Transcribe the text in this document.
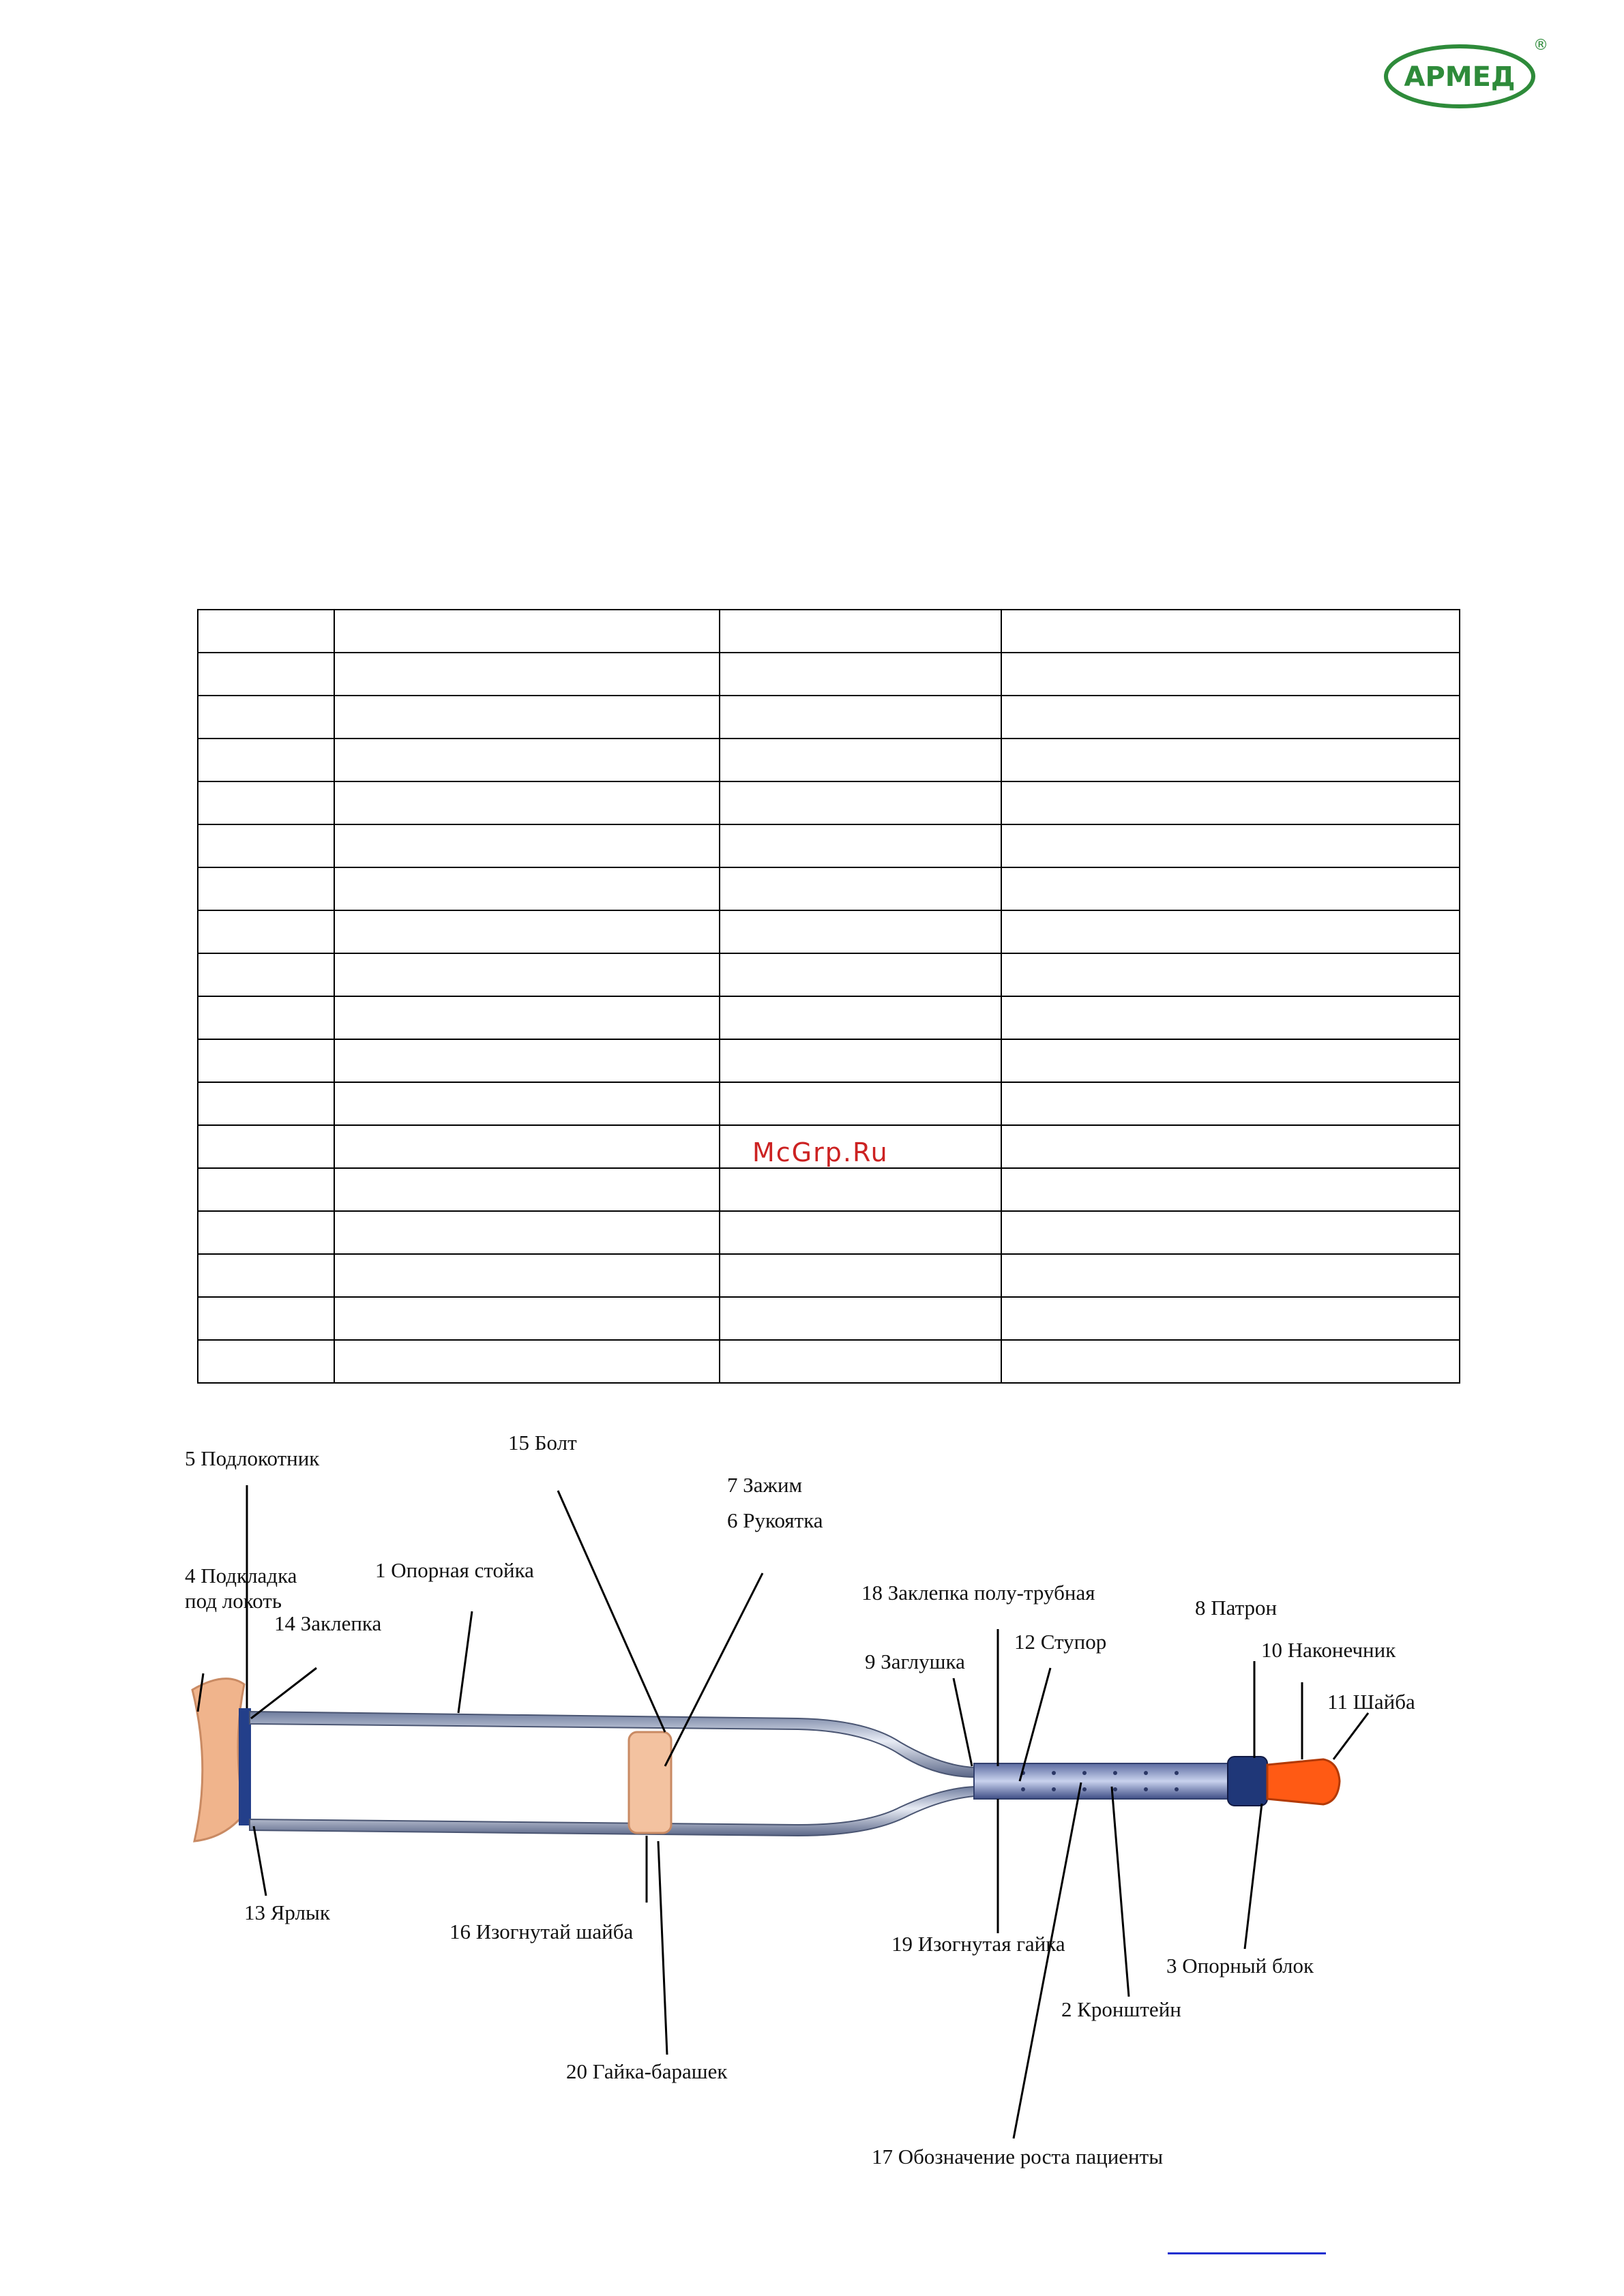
АРМЕД
®

McGrp.Ru
5 Подлокотник
15 Болт
7 Зажим
6 Рукоятка
4 Подкладка
под локоть
1 Опорная стойка
14 Заклепка
18 Заклепка полу-трубная
8 Патрон
9 Заглушка
12 Ступор	10 Наконечник
11 Шайба
13 Ярлык
16 Изогнутай шайба
19 Изогнутая гайка
3 Опорный блок
2 Кронштейн
20 Гайка-барашек
17 Обозначение роста пациенты
